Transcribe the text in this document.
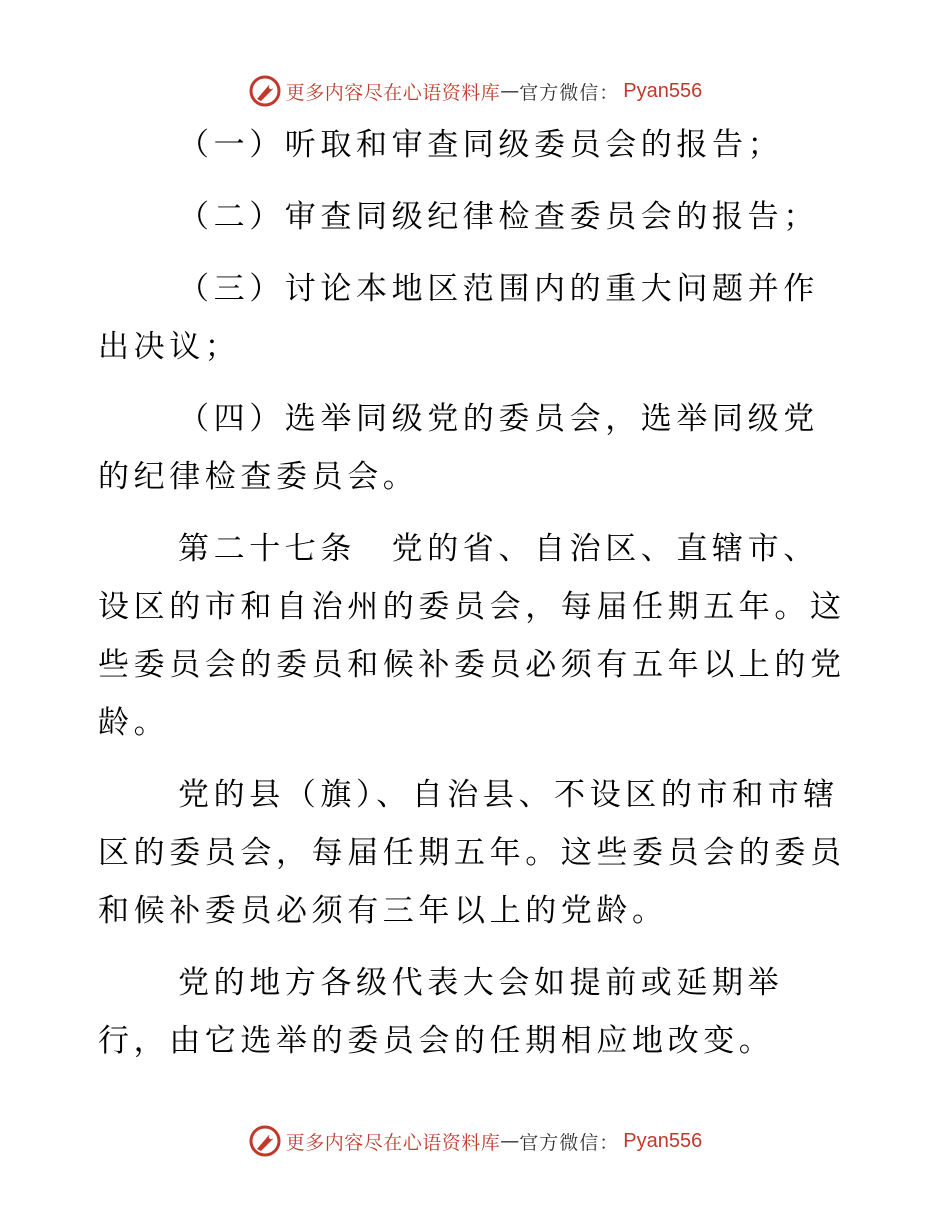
更多内容尽在心语资料库 — 官方微信： Pyan556

（一）听取和审查同级委员会的报告；

（二）审查同级纪律检查委员会的报告；

（三）讨论本地区范围内的重大问题并作出决议；

（四）选举同级党的委员会，选举同级党的纪律检查委员会。

第二十七条　党的省、自治区、直辖市、设区的市和自治州的委员会，每届任期五年。这些委员会的委员和候补委员必须有五年以上的党龄。

党的县（旗）、自治县、不设区的市和市辖区的委员会，每届任期五年。这些委员会的委员和候补委员必须有三年以上的党龄。

党的地方各级代表大会如提前或延期举行，由它选举的委员会的任期相应地改变。

更多内容尽在心语资料库 — 官方微信： Pyan556
